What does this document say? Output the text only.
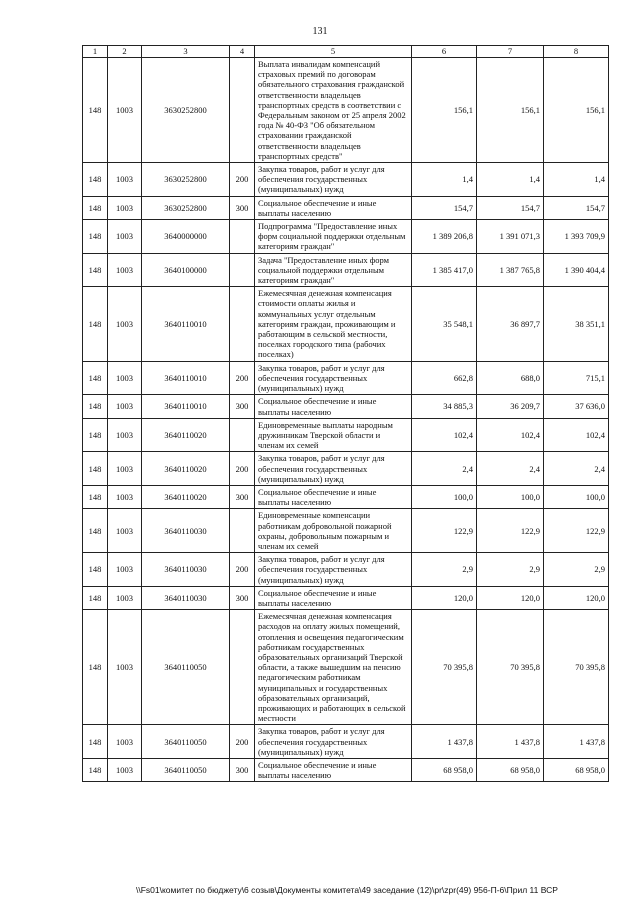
131
1	2	3	4	5	6	7	8
148	1003	3630252800		Выплата инвалидам компенсаций страховых премий по договорам обязательного страхования гражданской ответственности владельцев транспортных средств в соответствии с Федеральным законом от 25 апреля 2002 года № 40-ФЗ "Об обязательном страховании гражданской ответственности владельцев транспортных средств"	156,1	156,1	156,1
148	1003	3630252800	200	Закупка товаров, работ и услуг для обеспечения государственных (муниципальных) нужд	1,4	1,4	1,4
148	1003	3630252800	300	Социальное обеспечение и иные выплаты населению	154,7	154,7	154,7
148	1003	3640000000		Подпрограмма "Предоставление иных форм социальной поддержки отдельным категориям граждан"	1 389 206,8	1 391 071,3	1 393 709,9
148	1003	3640100000		Задача "Предоставление иных форм социальной поддержки отдельным категориям граждан"	1 385 417,0	1 387 765,8	1 390 404,4
148	1003	3640110010		Ежемесячная денежная компенсация стоимости оплаты жилья и коммунальных услуг отдельным категориям граждан, проживающим и работающим в сельской местности, поселках городского типа (рабочих поселках)	35 548,1	36 897,7	38 351,1
148	1003	3640110010	200	Закупка товаров, работ и услуг для обеспечения государственных (муниципальных) нужд	662,8	688,0	715,1
148	1003	3640110010	300	Социальное обеспечение и иные выплаты населению	34 885,3	36 209,7	37 636,0
148	1003	3640110020		Единовременные выплаты народным дружинникам Тверской области и членам их семей	102,4	102,4	102,4
148	1003	3640110020	200	Закупка товаров, работ и услуг для обеспечения государственных (муниципальных) нужд	2,4	2,4	2,4
148	1003	3640110020	300	Социальное обеспечение и иные выплаты населению	100,0	100,0	100,0
148	1003	3640110030		Единовременные компенсации работникам добровольной пожарной охраны, добровольным пожарным и членам их семей	122,9	122,9	122,9
148	1003	3640110030	200	Закупка товаров, работ и услуг для обеспечения государственных (муниципальных) нужд	2,9	2,9	2,9
148	1003	3640110030	300	Социальное обеспечение и иные выплаты населению	120,0	120,0	120,0
148	1003	3640110050		Ежемесячная денежная компенсация расходов на оплату жилых помещений, отопления и освещения педагогическим работникам государственных образовательных организаций Тверской области, а также вышедшим на пенсию педагогическим работникам муниципальных и государственных образовательных организаций, проживающих и работающих в сельской местности	70 395,8	70 395,8	70 395,8
148	1003	3640110050	200	Закупка товаров, работ и услуг для обеспечения государственных (муниципальных) нужд	1 437,8	1 437,8	1 437,8
148	1003	3640110050	300	Социальное обеспечение и иные выплаты населению	68 958,0	68 958,0	68 958,0
\\Fs01\комитет по бюджету\6 созыв\Документы комитета\49 заседание (12)\pr\zpr(49) 956-П-6\Прил 11 ВСР
